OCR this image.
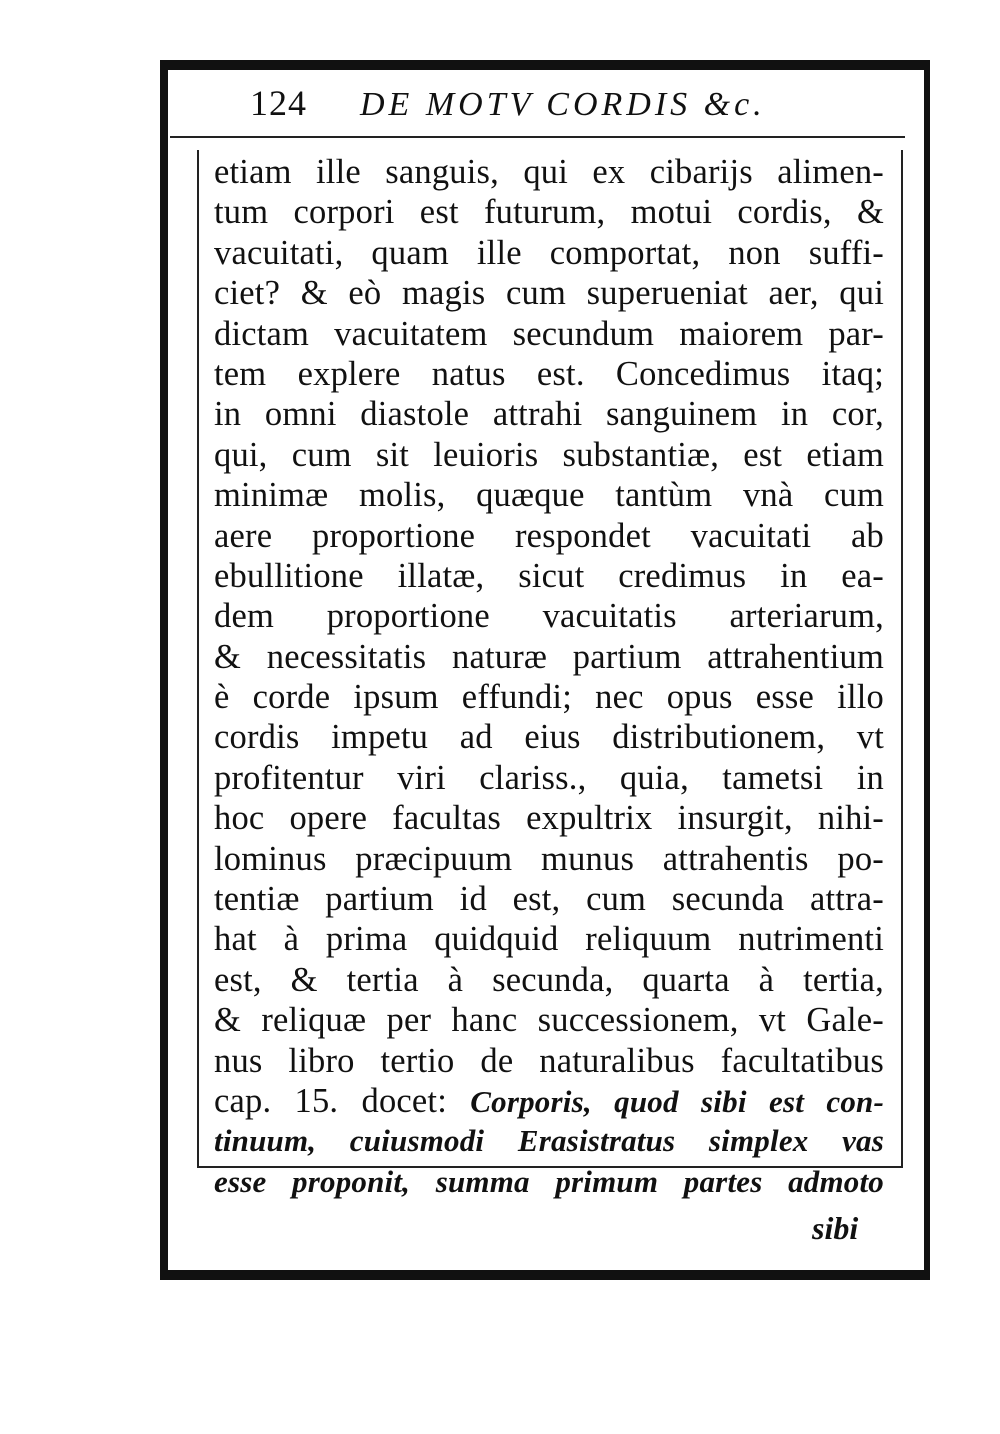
124	DE MOTV CORDIS &c.
etiam ille sanguis, qui ex cibarijs alimen-
tum corpori est futurum, motui cordis, &
vacuitati, quam ille comportat, non suffi-
ciet? & eò magis cum superueniat aer, qui
dictam vacuitatem secundum maiorem par-
tem explere natus est. Concedimus itaq;
in omni diastole attrahi sanguinem in cor,
qui, cum sit leuioris substantiæ, est etiam
minimæ molis, quæque tantùm vnà cum
aere proportione respondet vacuitati ab
ebullitione illatæ, sicut credimus in ea-
dem proportione vacuitatis arteriarum,
& necessitatis naturæ partium attrahentium
è corde ipsum effundi; nec opus esse illo
cordis impetu ad eius distributionem, vt
profitentur viri clariss., quia, tametsi in
hoc opere facultas expultrix insurgit, nihi-
lominus præcipuum munus attrahentis po-
tentiæ partium id est, cum secunda attra-
hat à prima quidquid reliquum nutrimenti
est, & tertia à secunda, quarta à tertia,
& reliquæ per hanc successionem, vt Gale-
nus libro tertio de naturalibus facultatibus
cap. 15. docet: Corporis, quod sibi est con-
tinuum, cuiusmodi Erasistratus simplex vas
esse proponit, summa primum partes admoto
sibi
